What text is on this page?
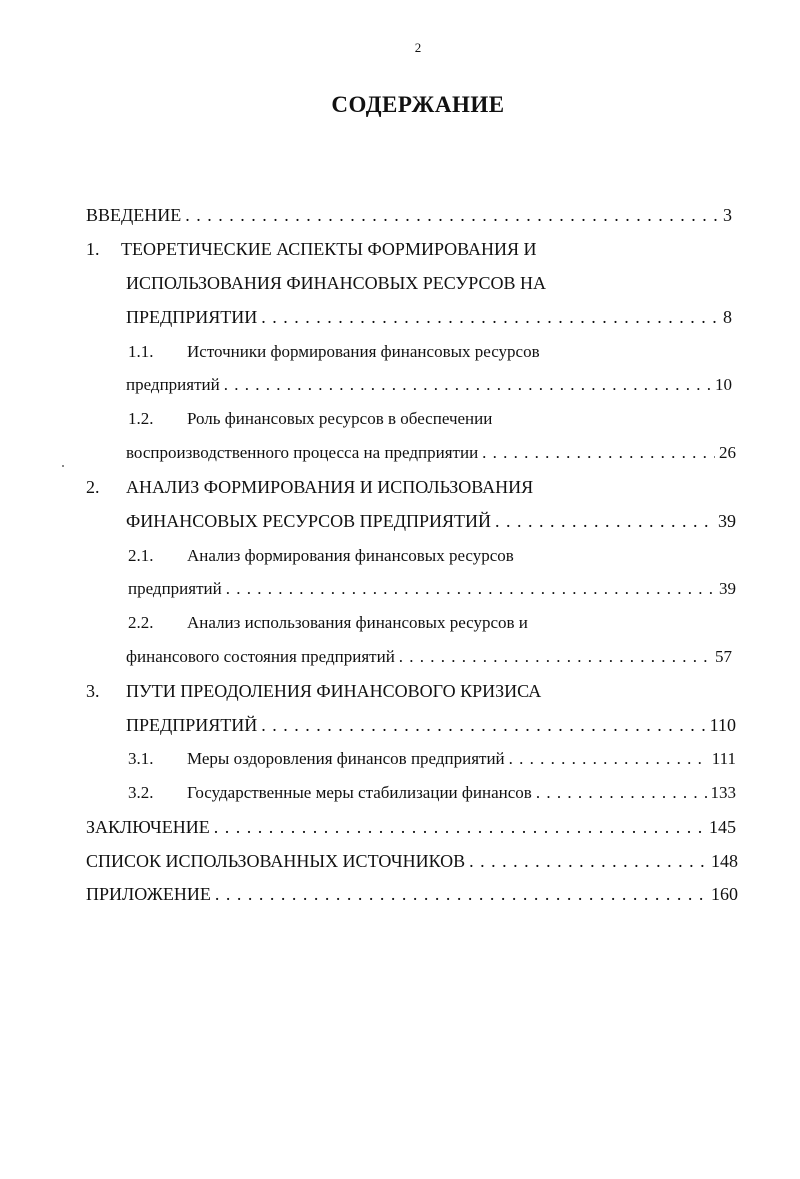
2
СОДЕРЖАНИЕ
ВВЕДЕНИЕ . . .	3
1. ТЕОРЕТИЧЕСКИЕ АСПЕКТЫ ФОРМИРОВАНИЯ И
ИСПОЛЬЗОВАНИЯ ФИНАНСОВЫХ РЕСУРСОВ НА
ПРЕДПРИЯТИИ . . .	8
1.1. Источники формирования финансовых ресурсов
предприятий . . .	10
1.2. Роль финансовых ресурсов в обеспечении
воспроизводственного процесса на предприятии . . .	26
2. АНАЛИЗ ФОРМИРОВАНИЯ И ИСПОЛЬЗОВАНИЯ
ФИНАНСОВЫХ РЕСУРСОВ ПРЕДПРИЯТИЙ . . .	39
2.1. Анализ формирования финансовых ресурсов
предприятий . . .	39
2.2. Анализ использования финансовых ресурсов и
финансового состояния предприятий . . .	57
3. ПУТИ ПРЕОДОЛЕНИЯ ФИНАНСОВОГО КРИЗИСА
ПРЕДПРИЯТИЙ . . .	110
3.1.	Меры оздоровления финансов предприятий . . .	111
3.2.	Государственные меры стабилизации финансов . . .	133
ЗАКЛЮЧЕНИЕ . . .	145
СПИСОК ИСПОЛЬЗОВАННЫХ ИСТОЧНИКОВ . . .	148
ПРИЛОЖЕНИЕ . . .	160
